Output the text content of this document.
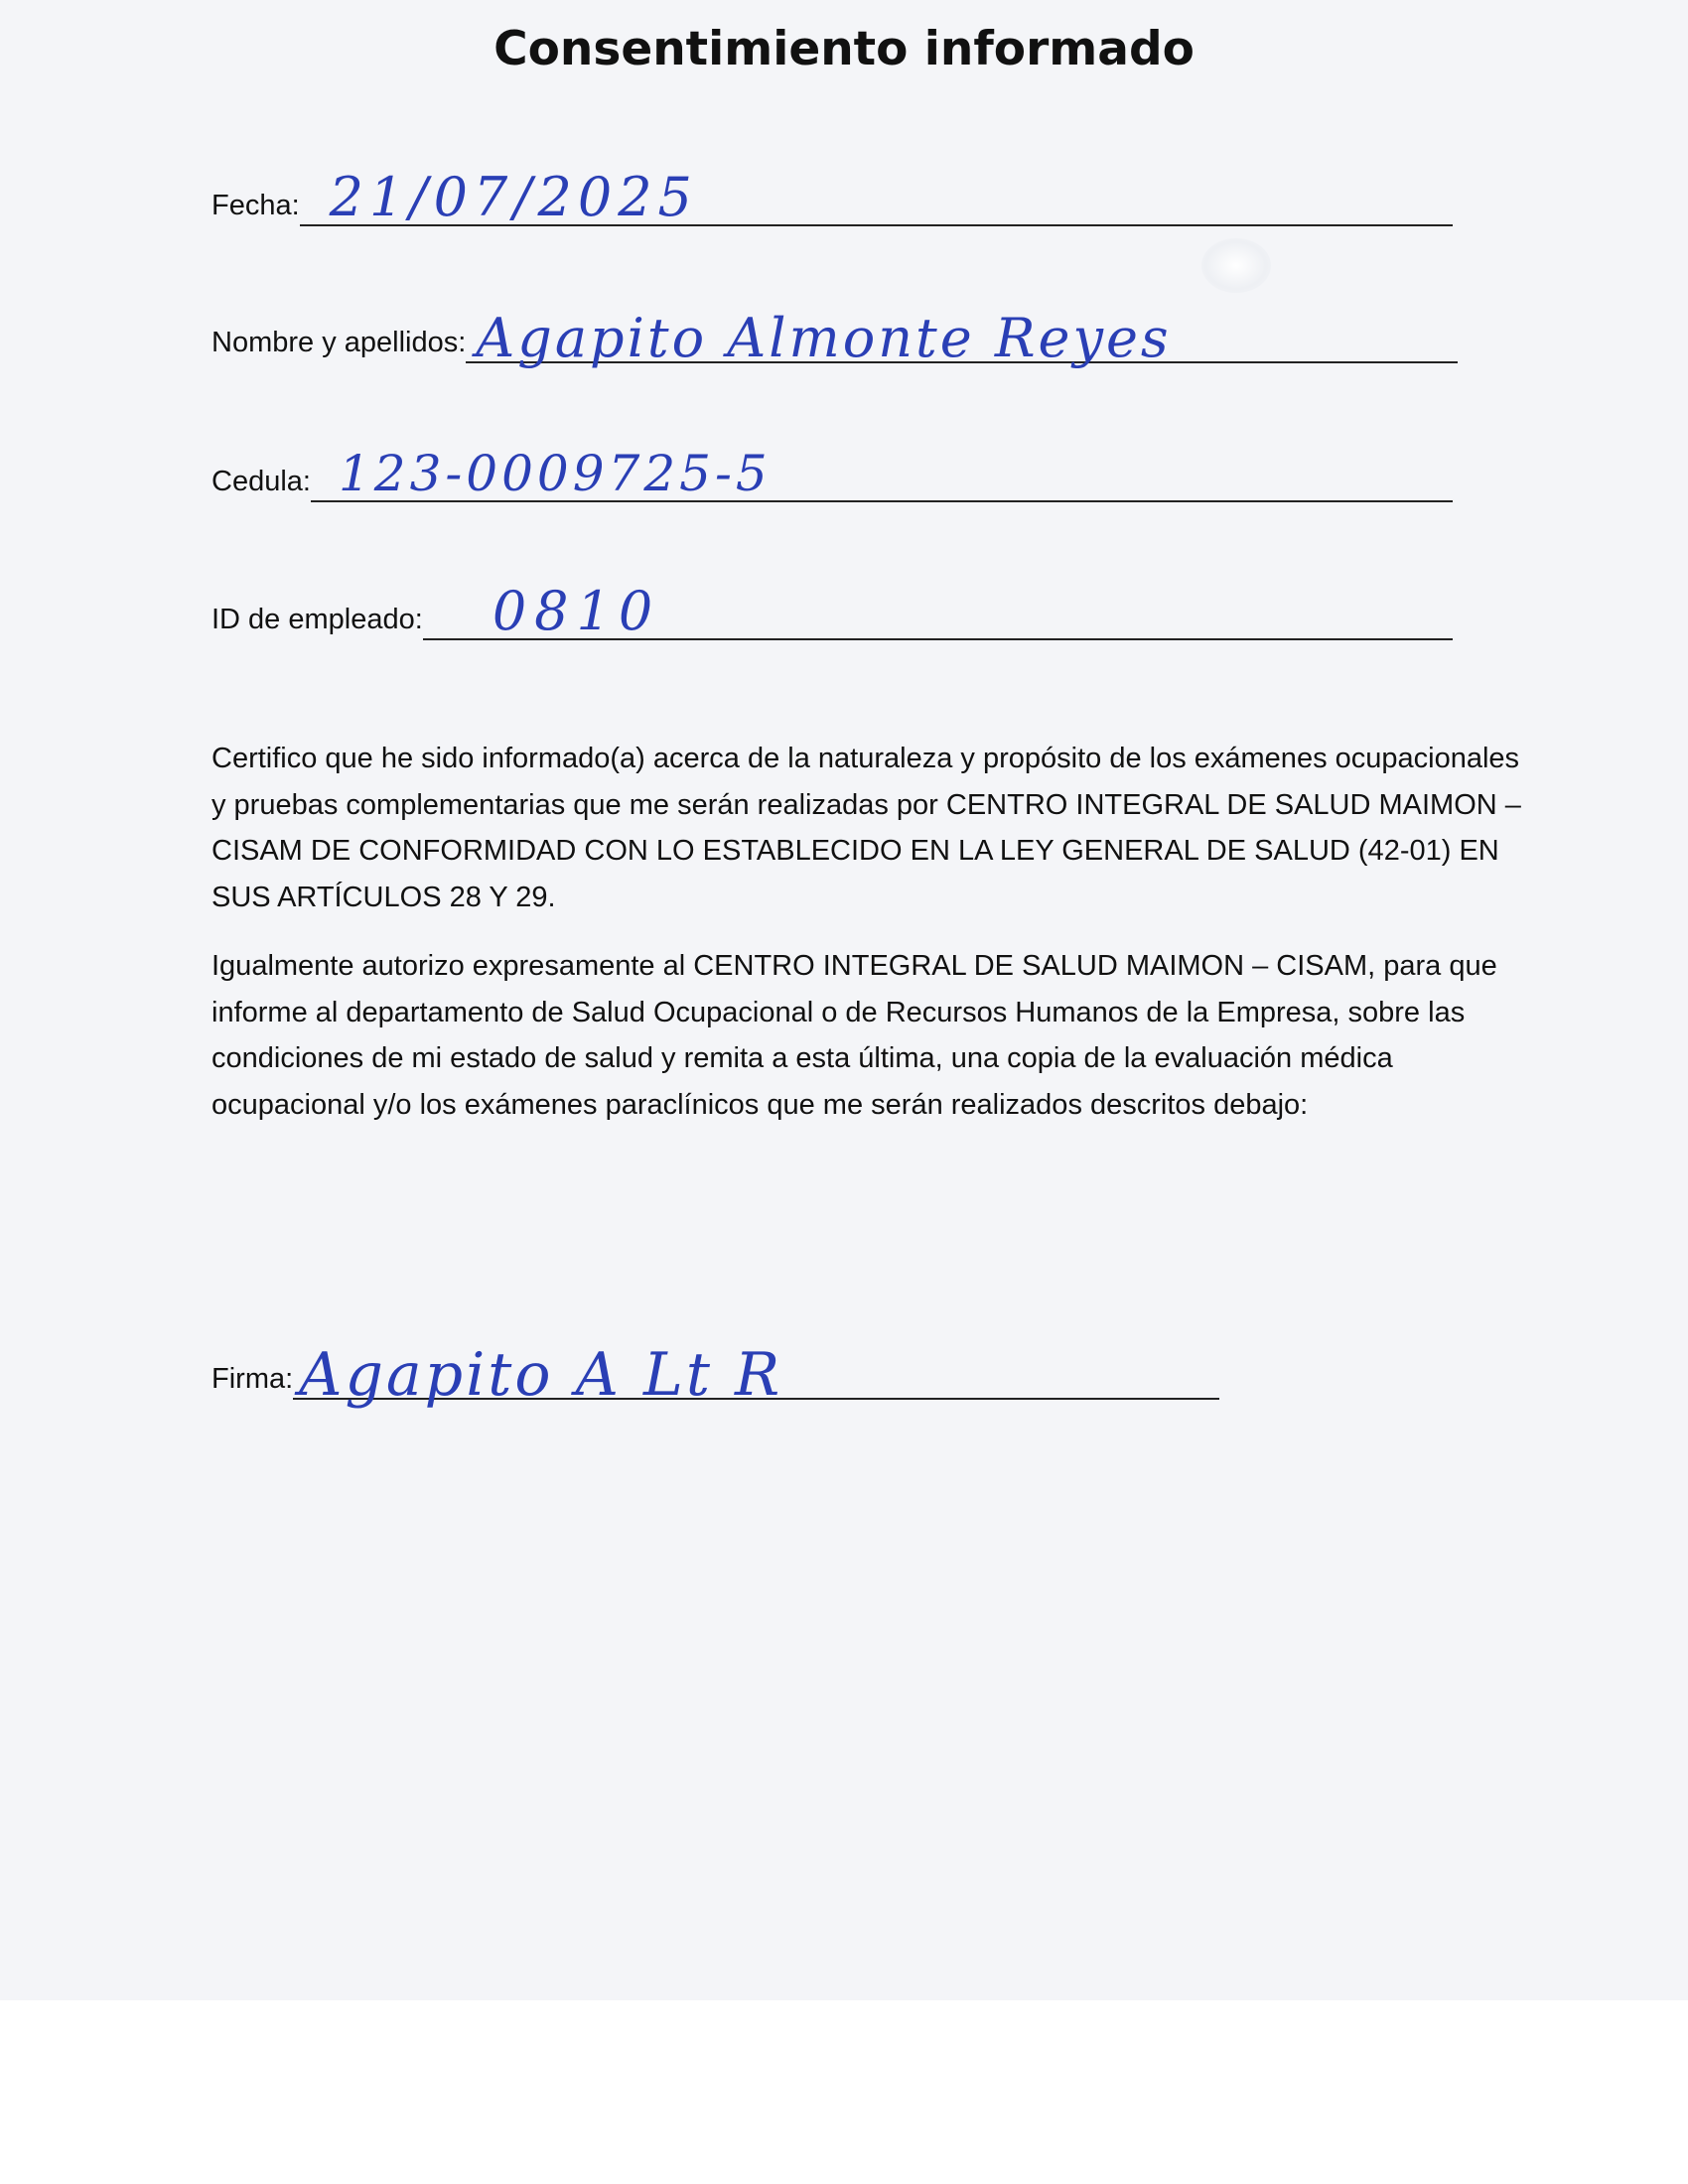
Consentimiento informado
Fecha: 21/07/2025
Nombre y apellidos: Agapito Almonte Reyes
Cedula: 123-0009725-5
ID de empleado: 0810
Certifico que he sido informado(a) acerca de la naturaleza y propósito de los exámenes ocupacionales y pruebas complementarias que me serán realizadas por CENTRO INTEGRAL DE SALUD MAIMON – CISAM DE CONFORMIDAD CON LO ESTABLECIDO EN LA LEY GENERAL DE SALUD (42-01) EN SUS ARTÍCULOS 28 Y 29.
Igualmente autorizo expresamente al CENTRO INTEGRAL DE SALUD MAIMON – CISAM, para que informe al departamento de Salud Ocupacional o de Recursos Humanos de la Empresa, sobre las condiciones de mi estado de salud y remita a esta última, una copia de la evaluación médica ocupacional y/o los exámenes paraclínicos que me serán realizados descritos debajo:
Firma: Agapito A Lt R
